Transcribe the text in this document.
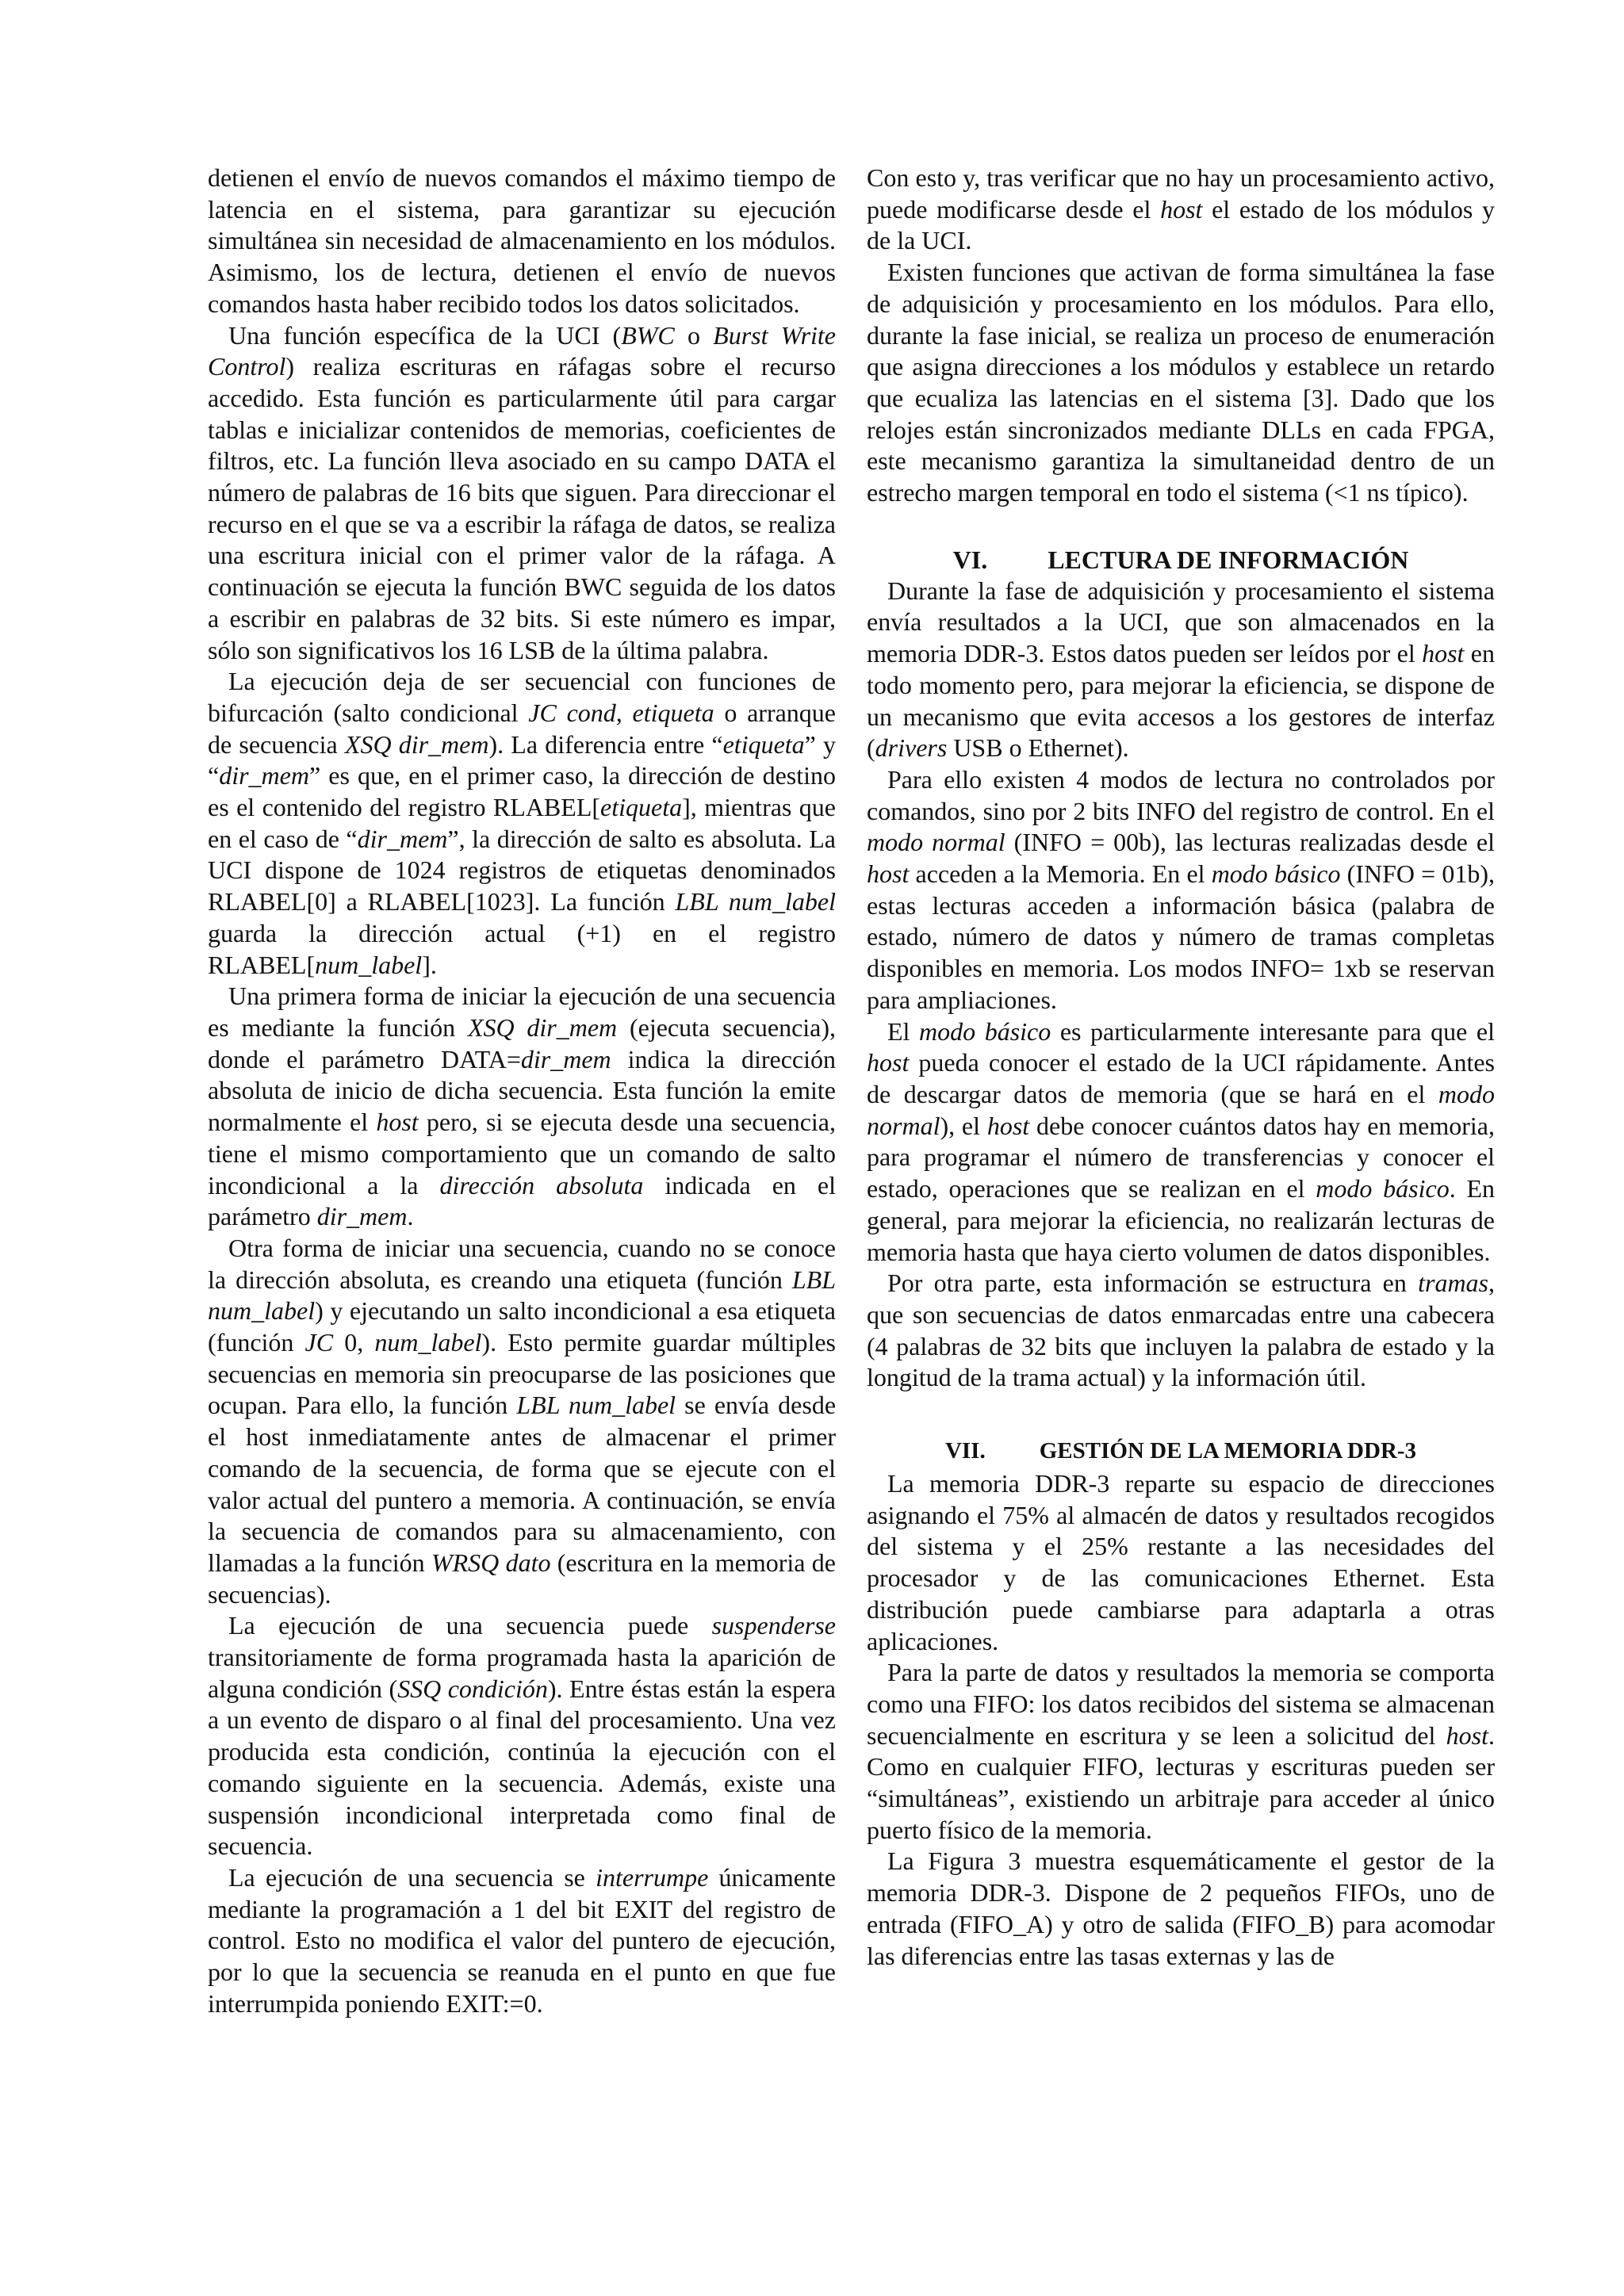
detienen el envío de nuevos comandos el máximo tiempo de latencia en el sistema, para garantizar su ejecución simultánea sin necesidad de almacenamiento en los módulos. Asimismo, los de lectura, detienen el envío de nuevos comandos hasta haber recibido todos los datos solicitados.

Una función específica de la UCI (BWC o Burst Write Control) realiza escrituras en ráfagas sobre el recurso accedido. Esta función es particularmente útil para cargar tablas e inicializar contenidos de memorias, coeficientes de filtros, etc. La función lleva asociado en su campo DATA el número de palabras de 16 bits que siguen. Para direccionar el recurso en el que se va a escribir la ráfaga de datos, se realiza una escritura inicial con el primer valor de la ráfaga. A continuación se ejecuta la función BWC seguida de los datos a escribir en palabras de 32 bits. Si este número es impar, sólo son significativos los 16 LSB de la última palabra.

La ejecución deja de ser secuencial con funciones de bifurcación (salto condicional JC cond, etiqueta o arranque de secuencia XSQ dir_mem). La diferencia entre “etiqueta” y “dir_mem” es que, en el primer caso, la dirección de destino es el contenido del registro RLABEL[etiqueta], mientras que en el caso de “dir_mem”, la dirección de salto es absoluta. La UCI dispone de 1024 registros de etiquetas denominados RLABEL[0] a RLABEL[1023]. La función LBL num_label guarda la dirección actual (+1) en el registro RLABEL[num_label].

Una primera forma de iniciar la ejecución de una secuencia es mediante la función XSQ dir_mem (ejecuta secuencia), donde el parámetro DATA=dir_mem indica la dirección absoluta de inicio de dicha secuencia. Esta función la emite normalmente el host pero, si se ejecuta desde una secuencia, tiene el mismo comportamiento que un comando de salto incondicional a la dirección absoluta indicada en el parámetro dir_mem.

Otra forma de iniciar una secuencia, cuando no se conoce la dirección absoluta, es creando una etiqueta (función LBL num_label) y ejecutando un salto incondicional a esa etiqueta (función JC 0, num_label). Esto permite guardar múltiples secuencias en memoria sin preocuparse de las posiciones que ocupan. Para ello, la función LBL num_label se envía desde el host inmediatamente antes de almacenar el primer comando de la secuencia, de forma que se ejecute con el valor actual del puntero a memoria. A continuación, se envía la secuencia de comandos para su almacenamiento, con llamadas a la función WRSQ dato (escritura en la memoria de secuencias).

La ejecución de una secuencia puede suspenderse transitoriamente de forma programada hasta la aparición de alguna condición (SSQ condición). Entre éstas están la espera a un evento de disparo o al final del procesamiento. Una vez producida esta condición, continúa la ejecución con el comando siguiente en la secuencia. Además, existe una suspensión incondicional interpretada como final de secuencia.

La ejecución de una secuencia se interrumpe únicamente mediante la programación a 1 del bit EXIT del registro de control. Esto no modifica el valor del puntero de ejecución, por lo que la secuencia se reanuda en el punto en que fue interrumpida poniendo EXIT:=0.

Con esto y, tras verificar que no hay un procesamiento activo, puede modificarse desde el host el estado de los módulos y de la UCI.

Existen funciones que activan de forma simultánea la fase de adquisición y procesamiento en los módulos. Para ello, durante la fase inicial, se realiza un proceso de enumeración que asigna direcciones a los módulos y establece un retardo que ecualiza las latencias en el sistema [3]. Dado que los relojes están sincronizados mediante DLLs en cada FPGA, este mecanismo garantiza la simultaneidad dentro de un estrecho margen temporal en todo el sistema (<1 ns típico).

VI. LECTURA DE INFORMACIÓN

Durante la fase de adquisición y procesamiento el sistema envía resultados a la UCI, que son almacenados en la memoria DDR-3. Estos datos pueden ser leídos por el host en todo momento pero, para mejorar la eficiencia, se dispone de un mecanismo que evita accesos a los gestores de interfaz (drivers USB o Ethernet).

Para ello existen 4 modos de lectura no controlados por comandos, sino por 2 bits INFO del registro de control. En el modo normal (INFO = 00b), las lecturas realizadas desde el host acceden a la Memoria. En el modo básico (INFO = 01b), estas lecturas acceden a información básica (palabra de estado, número de datos y número de tramas completas disponibles en memoria. Los modos INFO= 1xb se reservan para ampliaciones.

El modo básico es particularmente interesante para que el host pueda conocer el estado de la UCI rápidamente. Antes de descargar datos de memoria (que se hará en el modo normal), el host debe conocer cuántos datos hay en memoria, para programar el número de transferencias y conocer el estado, operaciones que se realizan en el modo básico. En general, para mejorar la eficiencia, no realizarán lecturas de memoria hasta que haya cierto volumen de datos disponibles.

Por otra parte, esta información se estructura en tramas, que son secuencias de datos enmarcadas entre una cabecera (4 palabras de 32 bits que incluyen la palabra de estado y la longitud de la trama actual) y la información útil.

VII. GESTIÓN DE LA MEMORIA DDR-3

La memoria DDR-3 reparte su espacio de direcciones asignando el 75% al almacén de datos y resultados recogidos del sistema y el 25% restante a las necesidades del procesador y de las comunicaciones Ethernet. Esta distribución puede cambiarse para adaptarla a otras aplicaciones.

Para la parte de datos y resultados la memoria se comporta como una FIFO: los datos recibidos del sistema se almacenan secuencialmente en escritura y se leen a solicitud del host. Como en cualquier FIFO, lecturas y escrituras pueden ser “simultáneas”, existiendo un arbitraje para acceder al único puerto físico de la memoria.

La Figura 3 muestra esquemáticamente el gestor de la memoria DDR-3. Dispone de 2 pequeños FIFOs, uno de entrada (FIFO_A) y otro de salida (FIFO_B) para acomodar las diferencias entre las tasas externas y las de
